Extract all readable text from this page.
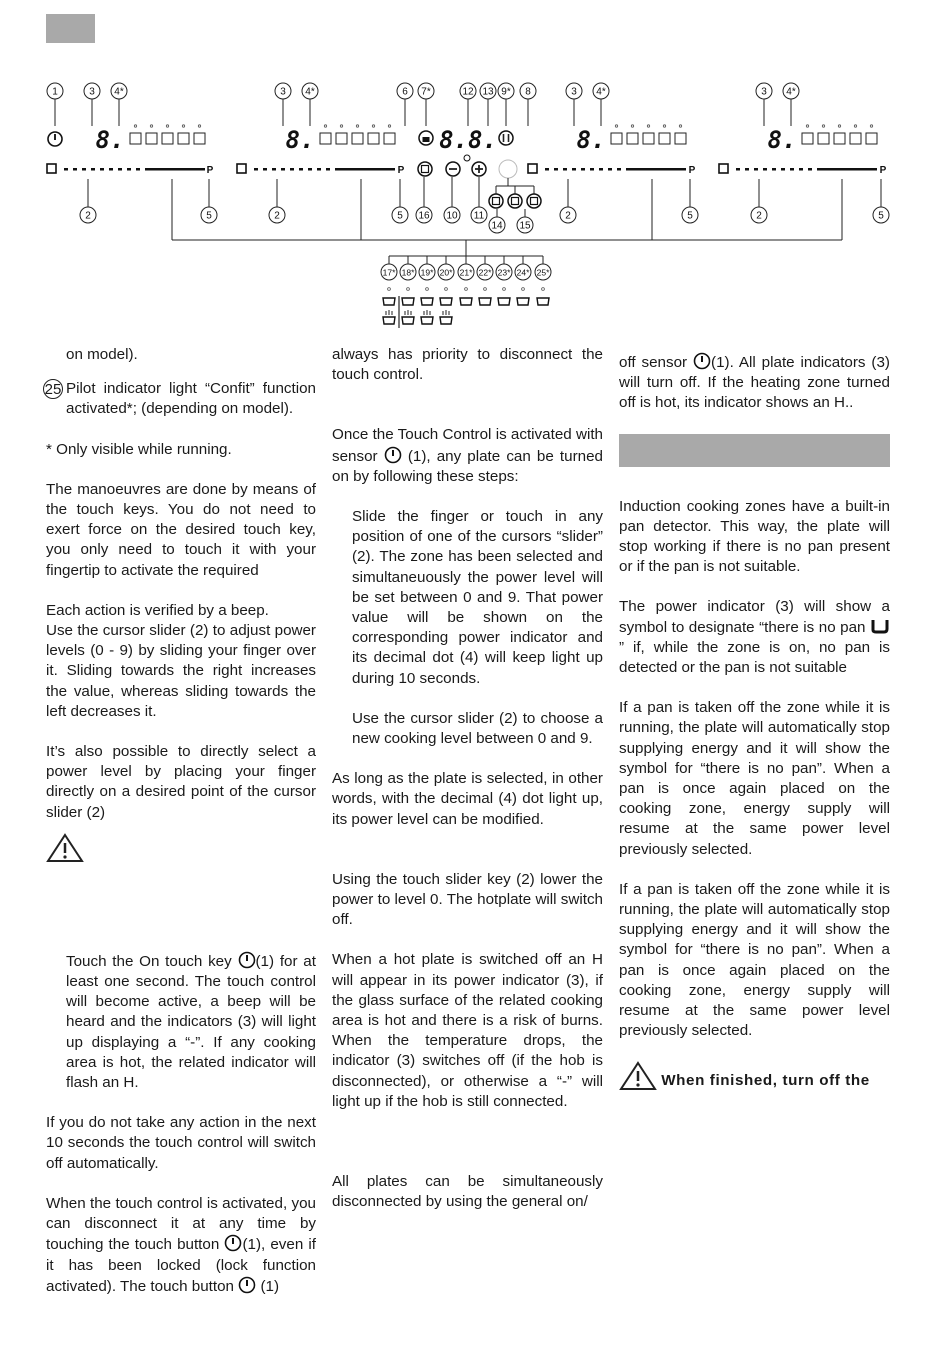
1	3 4*	3 4*	6 7*	12 13 9* 8	3 4*	3 4*
8.	8.	8.	8.
8.8.
P	P	P	P
2	5	2	5 16 10 11
14 15
2	5	2	5
17* 18* 19* 20* 21* 22* 23* 24* 25*

on model).

25 Pilot indicator light “Confit” function activated*; (depending on model).

* Only visible while running.

The manoeuvres are done by means of the touch keys. You do not need to exert force on the desired touch key, you only need to touch it with your fingertip to activate the required

Each action is verified by a beep.
Use the cursor slider (2) to adjust power levels (0 - 9) by sliding your finger over it. Sliding towards the right increases the value, whereas sliding towards the left decreases it.

It’s also possible to directly select a power level by placing your finger directly on a desired point of the cursor slider (2)

Touch the On touch key (1) for at least one second. The touch control will become active, a beep will be heard and the indicators (3) will light up displaying a “-”. If any cooking area is hot, the related indicator will flash an H.

If you do not take any action in the next 10 seconds the touch control will switch off automatically.

When the touch control is activated, you can disconnect it at any time by touching the touch button (1), even if it has been locked (lock function activated). The touch button (1)

always has priority to disconnect the touch control.

Once the Touch Control is activated with sensor (1), any plate can be turned on by following these steps:

Slide the finger or touch in any position of one of the cursors “slider” (2). The zone has been selected and simultaneuously the power level will be set between 0 and 9. That power value will be shown on the corresponding power indicator and its decimal dot (4) will keep light up during 10 seconds.

Use the cursor slider (2) to choose a new cooking level between 0 and 9.

As long as the plate is selected, in other words, with the decimal (4) dot light up, its power level can be modified.

Using the touch slider key (2) lower the power to level 0. The hotplate will switch off.

When a hot plate is switched off an H will appear in its power indicator (3), if the glass surface of the related cooking area is hot and there is a risk of burns. When the temperature drops, the indicator (3) switches off (if the hob is disconnected), or otherwise a “-” will light up if the hob is still connected.

All plates can be simultaneously disconnected by using the general on/

off sensor (1). All plate indicators (3) will turn off. If the heating zone turned off is hot, its indicator shows an H..

Induction cooking zones have a built-in pan detector. This way, the plate will stop working if there is no pan present or if the pan is not suitable.

The power indicator (3) will show a symbol to designate “there is no pan ” if, while the zone is on, no pan is detected or the pan is not suitable

If a pan is taken off the zone while it is running, the plate will automatically stop supplying energy and it will show the symbol for “there is no pan”. When a pan is once again placed on the cooking zone, energy supply will resume at the same power level previously selected.

If a pan is taken off the zone while it is running, the plate will automatically stop supplying energy and it will show the symbol for “there is no pan”. When a pan is once again placed on the cooking zone, energy supply will resume at the same power level previously selected.

When finished, turn off the
